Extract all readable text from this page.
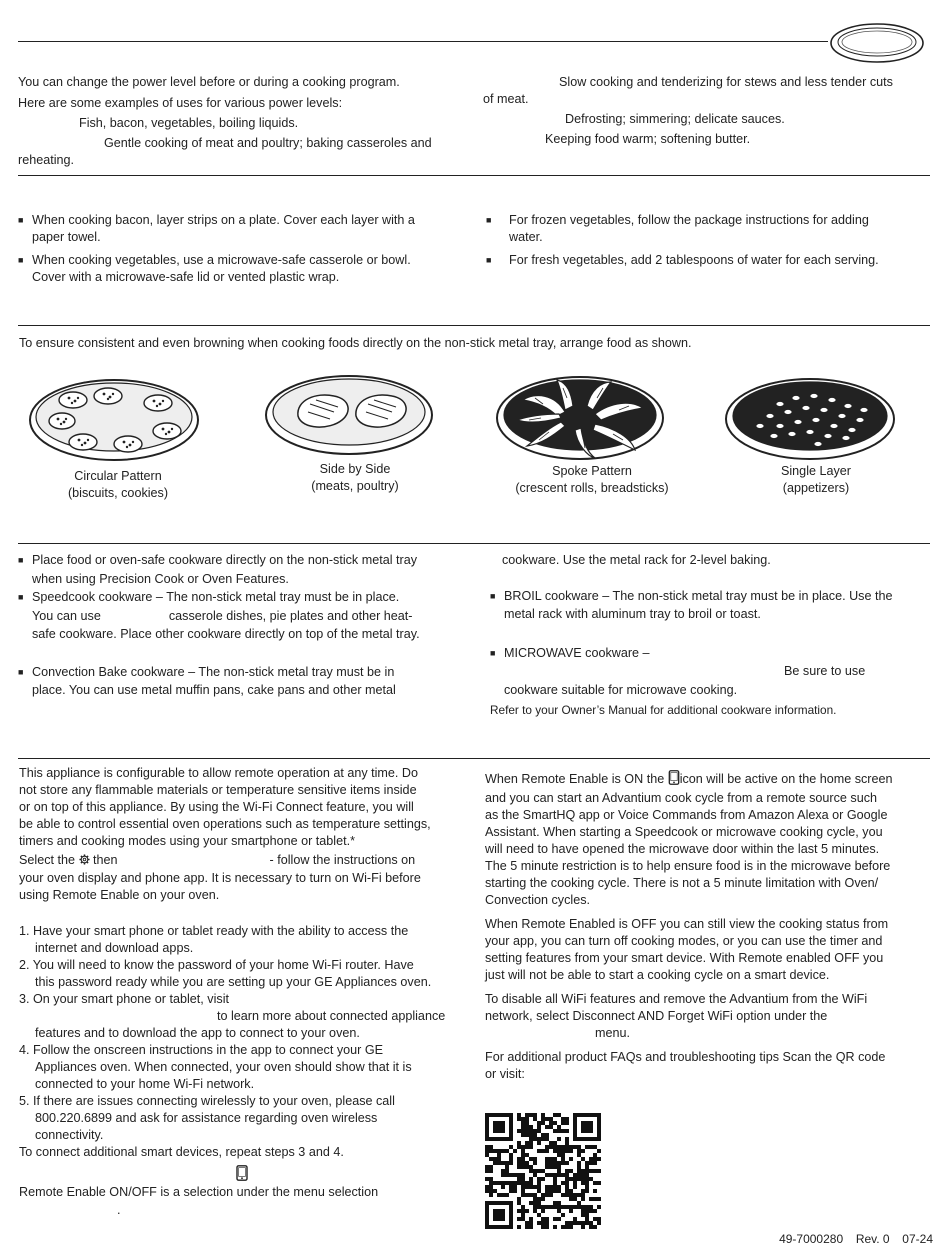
You can change the power level before or during a cooking program.

Here are some examples of uses for various power levels:

Fish, bacon, vegetables, boiling liquids.

Gentle cooking of meat and poultry; baking casseroles and

reheating.

Slow cooking and tenderizing for stews and less tender cuts

of meat.

Defrosting; simmering; delicate sauces.

Keeping food warm; softening butter.

■ When cooking bacon, layer strips on a plate. Cover each layer with a
paper towel.

■ When cooking vegetables, use a microwave-safe casserole or bowl.
Cover with a microwave-safe lid or vented plastic wrap.

■ For frozen vegetables, follow the package instructions for adding
water.

■ For fresh vegetables, add 2 tablespoons of water for each serving.

To ensure consistent and even browning when cooking foods directly on the non-stick metal tray, arrange food as shown.

Circular Pattern
(biscuits, cookies)
Side by Side
(meats, poultry)
Spoke Pattern
(crescent rolls, breadsticks)
Single Layer
(appetizers)

■ Place food or oven-safe cookware directly on the non-stick metal tray
when using Precision Cook or Oven Features.

■ Speedcook cookware – The non-stick metal tray must be in place.
You can use	casserole dishes, pie plates and other heat-
safe cookware. Place other cookware directly on top of the metal tray.

■ Convection Bake cookware – The non-stick metal tray must be in
place. You can use metal muffin pans, cake pans and other metal

cookware. Use the metal rack for 2-level baking.

■ BROIL cookware – The non-stick metal tray must be in place. Use the
metal rack with aluminum tray to broil or toast.

■ MICROWAVE cookware –
Be sure to use
cookware suitable for microwave cooking.

Refer to your Owner’s Manual for additional cookware information.

This appliance is configurable to allow remote operation at any time. Do
not store any flammable materials or temperature sensitive items inside
or on top of this appliance. By using the Wi-Fi Connect feature, you will
be able to control essential oven operations such as temperature settings,
timers and cooking modes using your smartphone or tablet.*

Select the then	- follow the instructions on
your oven display and phone app. It is necessary to turn on Wi-Fi before
using Remote Enable on your oven.

1. Have your smart phone or tablet ready with the ability to access the
internet and download apps.

2. You will need to know the password of your home Wi-Fi router. Have
this password ready while you are setting up your GE Appliances oven.

3. On your smart phone or tablet, visit
to learn more about connected appliance
features and to download the app to connect to your oven.

4. Follow the onscreen instructions in the app to connect your GE
Appliances oven. When connected, your oven should show that it is
connected to your home Wi-Fi network.

5. If there are issues connecting wirelessly to your oven, please call
800.220.6899 and ask for assistance regarding oven wireless
connectivity.

To connect additional smart devices, repeat steps 3 and 4.

Remote Enable ON/OFF is a selection under the menu selection

.

When Remote Enable is ON the icon will be active on the home screen
and you can start an Advantium cook cycle from a remote source such
as the SmartHQ app or Voice Commands from Amazon Alexa or Google
Assistant. When starting a Speedcook or microwave cooking cycle, you
will need to have opened the microwave door within the last 5 minutes.
The 5 minute restriction is to help ensure food is in the microwave before
starting the cooking cycle. There is not a 5 minute limitation with Oven/
Convection cycles.

When Remote Enabled is OFF you can still view the cooking status from
your app, you can turn off cooking modes, or you can use the timer and
setting features from your smart device. With Remote enabled OFF you
just will not be able to start a cooking cycle on a smart device.

To disable all WiFi features and remove the Advantium from the WiFi
network, select Disconnect AND Forget WiFi option under the
menu.

For additional product FAQs and troubleshooting tips Scan the QR code
or visit:

49-7000280 Rev. 0 07-24
